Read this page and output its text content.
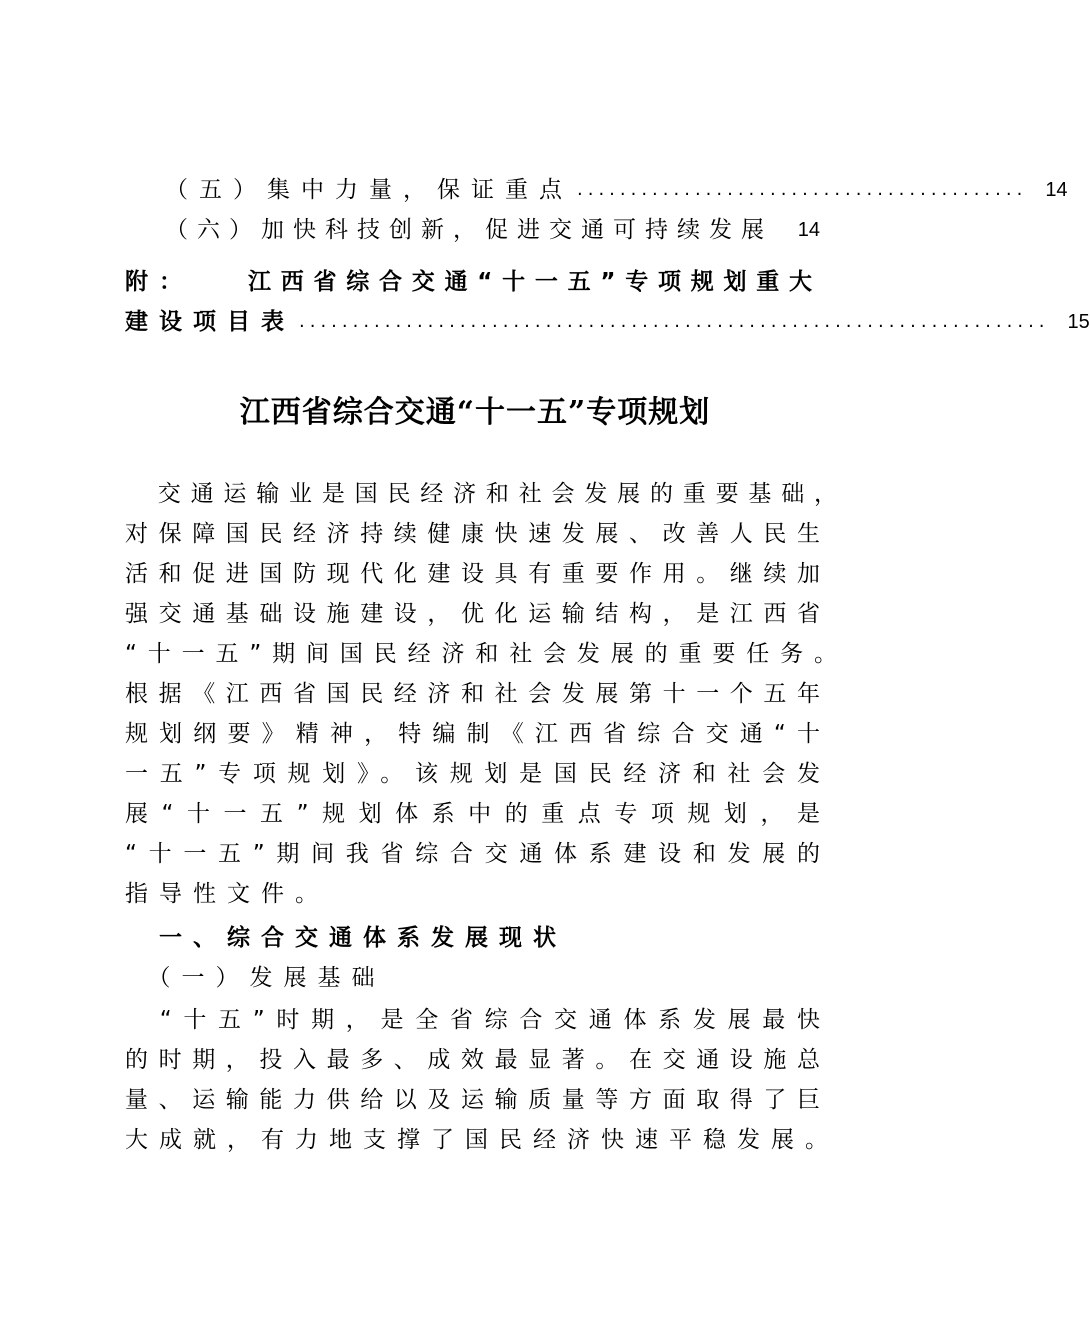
（五）集中力量，保证重点 .......................................... 14
（六）加快科技创新，促进交通可持续发展 14
附： 江西省综合交通“十一五”专项规划重大
建设项目表 ...................................................................... 15
江西省综合交通“十一五”专项规划
　交通运输业是国民经济和社会发展的重要基础，
对保障国民经济持续健康快速发展、改善人民生
活和促进国防现代化建设具有重要作用。继续加
强交通基础设施建设，优化运输结构，是江西省
“十一五”期间国民经济和社会发展的重要任务。
根据《江西省国民经济和社会发展第十一个五年
规划纲要》精神，特编制《江西省综合交通“十
一五”专项规划》。该规划是国民经济和社会发
展“十一五”规划体系中的重点专项规划，是
“十一五”期间我省综合交通体系建设和发展的
指导性文件。
　一、综合交通体系发展现状
　（一）发展基础
　“十五”时期，是全省综合交通体系发展最快
的时期，投入最多、成效最显著。在交通设施总
量、运输能力供给以及运输质量等方面取得了巨
大成就，有力地支撑了国民经济快速平稳发展。
